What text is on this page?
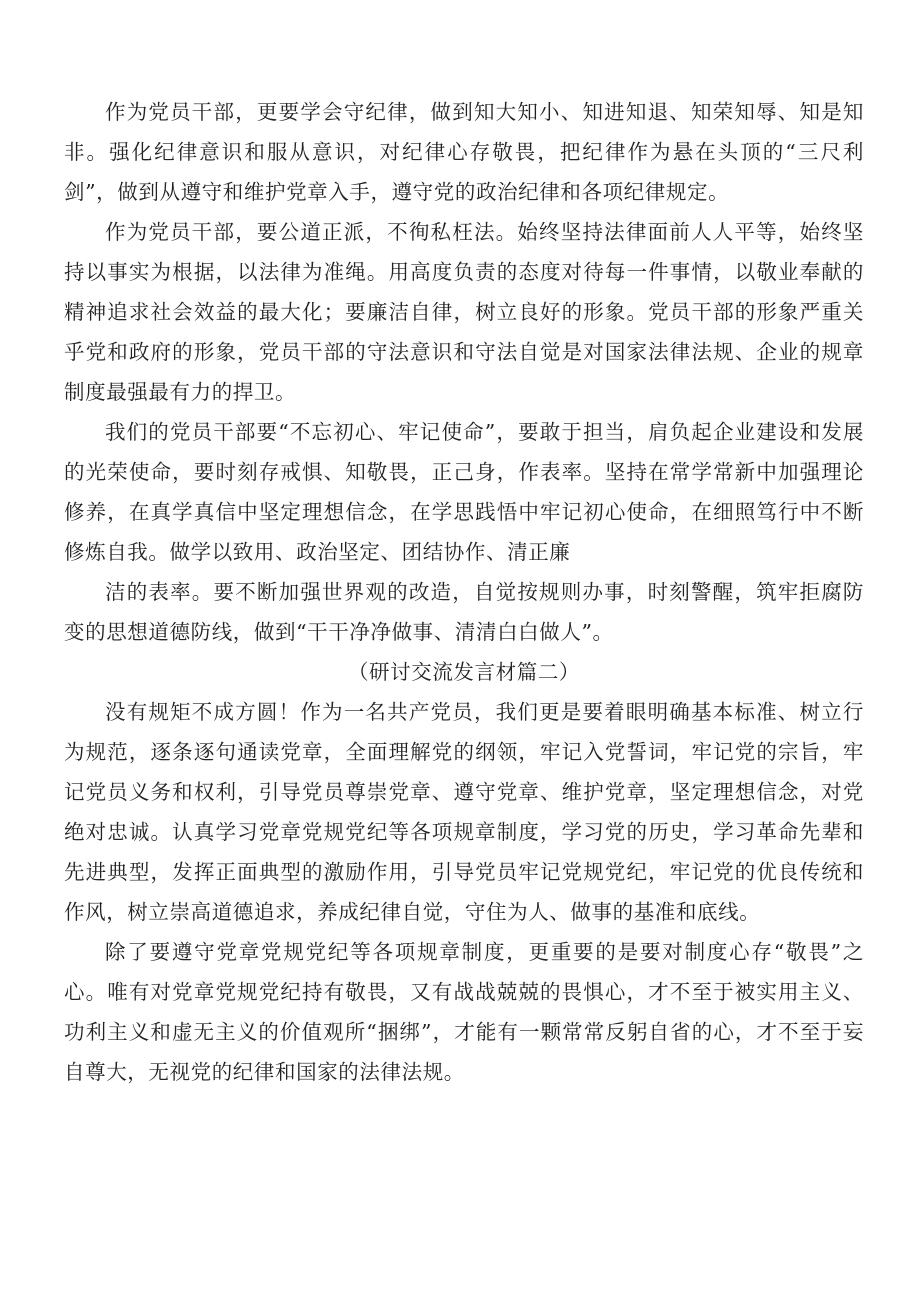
作为党员干部，更要学会守纪律，做到知大知小、知进知退、知荣知辱、知是知非。强化纪律意识和服从意识，对纪律心存敬畏，把纪律作为悬在头顶的“三尺利剑”，做到从遵守和维护党章入手，遵守党的政治纪律和各项纪律规定。

作为党员干部，要公道正派，不徇私枉法。始终坚持法律面前人人平等，始终坚持以事实为根据，以法律为准绳。用高度负责的态度对待每一件事情，以敬业奉献的精神追求社会效益的最大化；要廉洁自律，树立良好的形象。党员干部的形象严重关乎党和政府的形象，党员干部的守法意识和守法自觉是对国家法律法规、企业的规章制度最强最有力的捍卫。

我们的党员干部要“不忘初心、牢记使命”，要敢于担当，肩负起企业建设和发展的光荣使命，要时刻存戒惧、知敬畏，正己身，作表率。坚持在常学常新中加强理论修养，在真学真信中坚定理想信念，在学思践悟中牢记初心使命，在细照笃行中不断修炼自我。做学以致用、政治坚定、团结协作、清正廉

洁的表率。要不断加强世界观的改造，自觉按规则办事，时刻警醒，筑牢拒腐防变的思想道德防线，做到“干干净净做事、清清白白做人”。

（研讨交流发言材篇二）

没有规矩不成方圆！作为一名共产党员，我们更是要着眼明确基本标准、树立行为规范，逐条逐句通读党章，全面理解党的纲领，牢记入党誓词，牢记党的宗旨，牢记党员义务和权利，引导党员尊崇党章、遵守党章、维护党章，坚定理想信念，对党绝对忠诚。认真学习党章党规党纪等各项规章制度，学习党的历史，学习革命先辈和先进典型，发挥正面典型的激励作用，引导党员牢记党规党纪，牢记党的优良传统和作风，树立崇高道德追求，养成纪律自觉，守住为人、做事的基准和底线。

除了要遵守党章党规党纪等各项规章制度，更重要的是要对制度心存“敬畏”之心。唯有对党章党规党纪持有敬畏，又有战战兢兢的畏惧心，才不至于被实用主义、功利主义和虚无主义的价值观所“捆绑”，才能有一颗常常反躬自省的心，才不至于妄自尊大，无视党的纪律和国家的法律法规。
